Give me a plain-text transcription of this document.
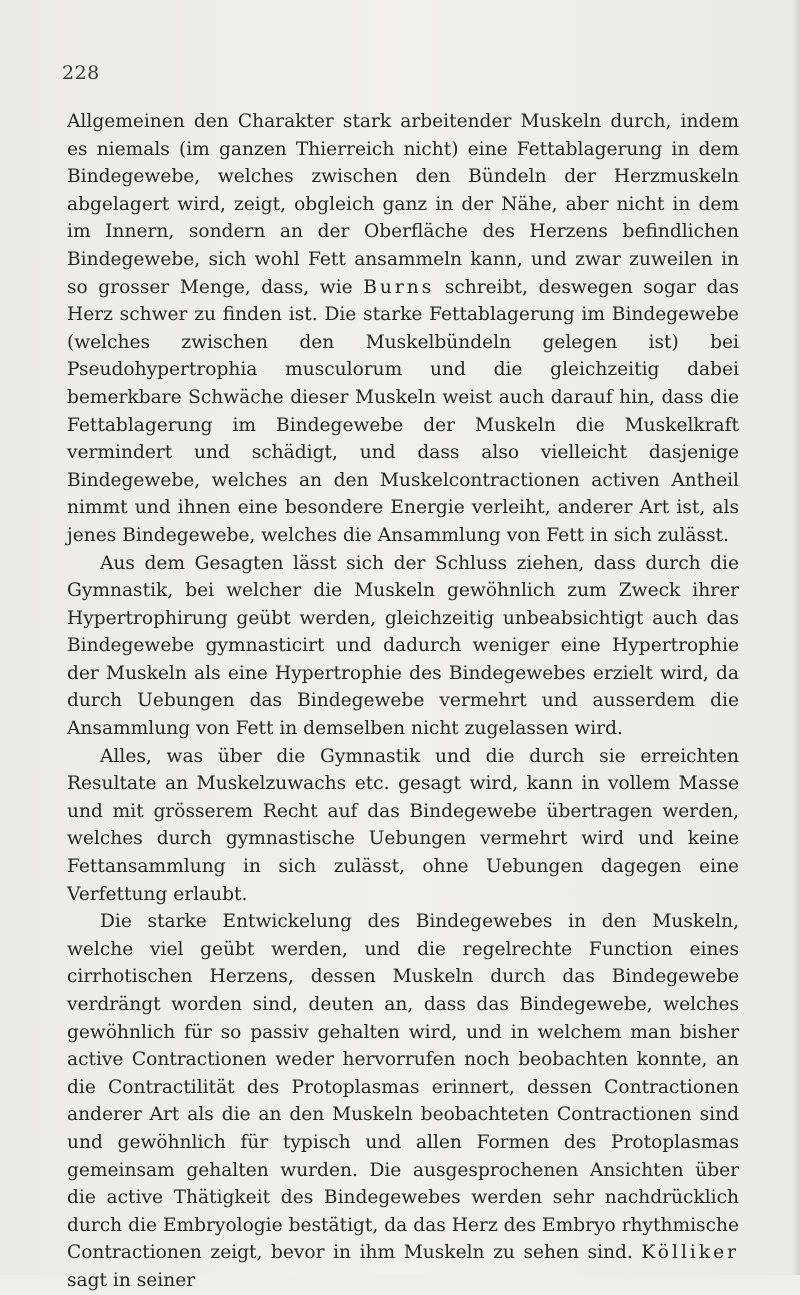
228

Allgemeinen den Charakter stark arbeitender Muskeln durch, indem es niemals (im ganzen Thierreich nicht) eine Fettablagerung in dem Bindegewebe, welches zwischen den Bündeln der Herzmuskeln abgelagert wird, zeigt, obgleich ganz in der Nähe, aber nicht in dem im Innern, sondern an der Oberfläche des Herzens befindlichen Bindegewebe, sich wohl Fett ansammeln kann, und zwar zuweilen in so grosser Menge, dass, wie Burns schreibt, deswegen sogar das Herz schwer zu finden ist. Die starke Fettablagerung im Bindegewebe (welches zwischen den Muskelbündeln gelegen ist) bei Pseudohypertrophia musculorum und die gleichzeitig dabei bemerkbare Schwäche dieser Muskeln weist auch darauf hin, dass die Fettablagerung im Bindegewebe der Muskeln die Muskelkraft vermindert und schädigt, und dass also vielleicht dasjenige Bindegewebe, welches an den Muskelcontractionen activen Antheil nimmt und ihnen eine besondere Energie verleiht, anderer Art ist, als jenes Bindegewebe, welches die Ansammlung von Fett in sich zulässt.

Aus dem Gesagten lässt sich der Schluss ziehen, dass durch die Gymnastik, bei welcher die Muskeln gewöhnlich zum Zweck ihrer Hypertrophirung geübt werden, gleichzeitig unbeabsichtigt auch das Bindegewebe gymnasticirt und dadurch weniger eine Hypertrophie der Muskeln als eine Hypertrophie des Bindegewebes erzielt wird, da durch Uebungen das Bindegewebe vermehrt und ausserdem die Ansammlung von Fett in demselben nicht zugelassen wird.

Alles, was über die Gymnastik und die durch sie erreichten Resultate an Muskelzuwachs etc. gesagt wird, kann in vollem Masse und mit grösserem Recht auf das Bindegewebe übertragen werden, welches durch gymnastische Uebungen vermehrt wird und keine Fettansammlung in sich zulässt, ohne Uebungen dagegen eine Verfettung erlaubt.

Die starke Entwickelung des Bindegewebes in den Muskeln, welche viel geübt werden, und die regelrechte Function eines cirrhotischen Herzens, dessen Muskeln durch das Bindegewebe verdrängt worden sind, deuten an, dass das Bindegewebe, welches gewöhnlich für so passiv gehalten wird, und in welchem man bisher active Contractionen weder hervorrufen noch beobachten konnte, an die Contractilität des Protoplasmas erinnert, dessen Contractionen anderer Art als die an den Muskeln beobachteten Contractionen sind und gewöhnlich für typisch und allen Formen des Protoplasmas gemeinsam gehalten wurden. Die ausgesprochenen Ansichten über die active Thätigkeit des Bindegewebes werden sehr nachdrücklich durch die Embryologie bestätigt, da das Herz des Embryo rhythmische Contractionen zeigt, bevor in ihm Muskeln zu sehen sind. Kölliker sagt in seiner
